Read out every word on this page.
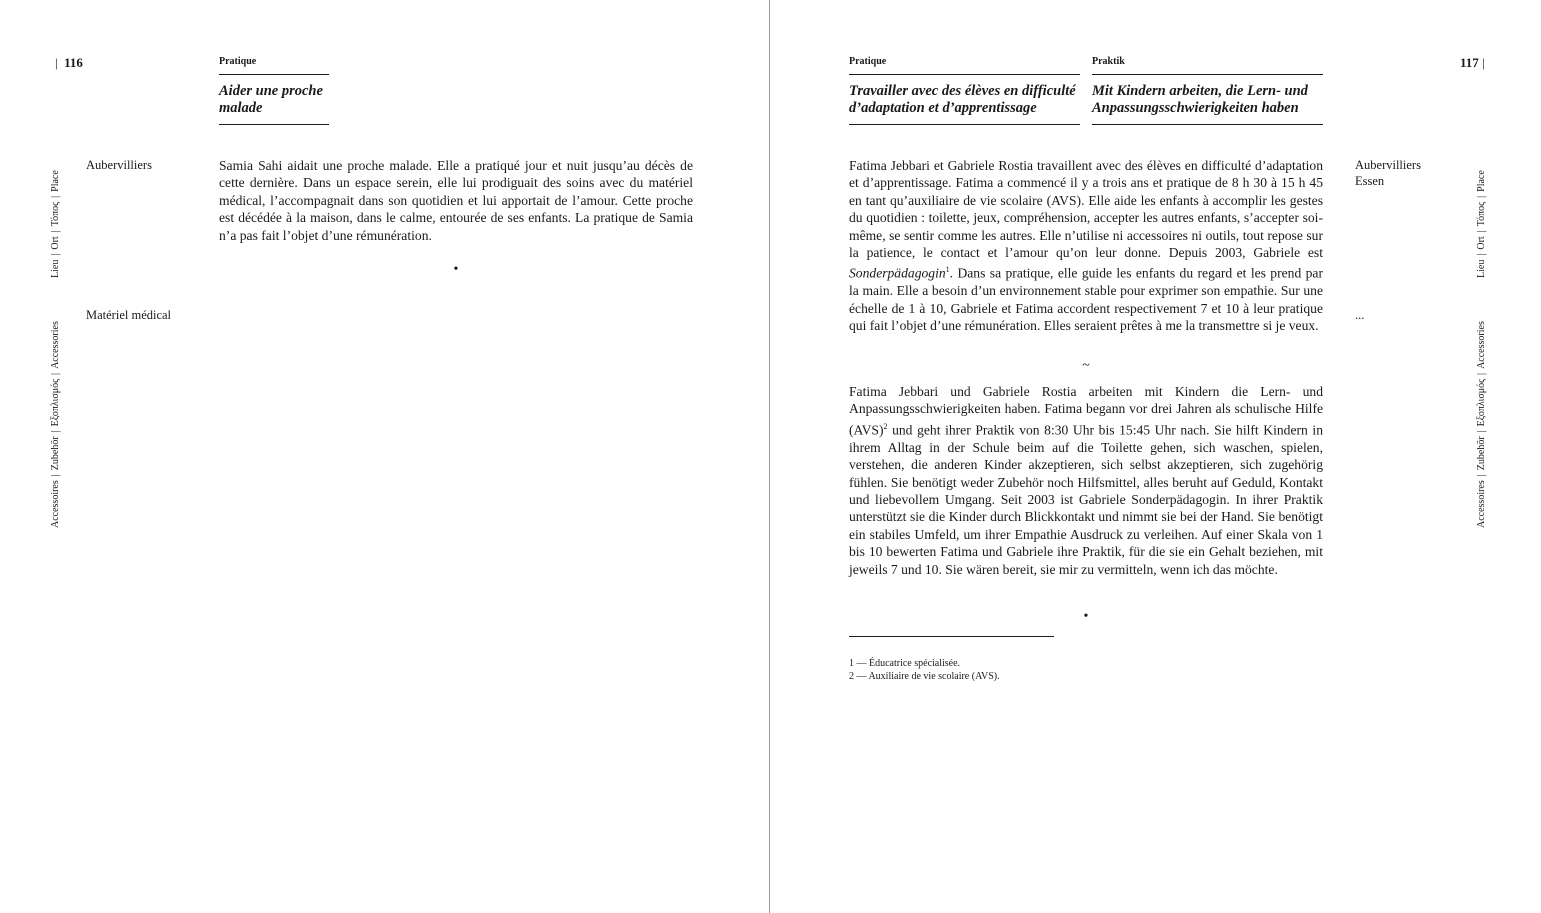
| 116	Pratique
Aider une proche malade
Lieu|Ort|Τόπος|Place
Accessoires|Zubehör|Εξοπλισμός|Accessories
Aubervilliers
Matériel médical

Samia Sahi aidait une proche malade. Elle a pratiqué jour et nuit jusqu’au décès de cette dernière. Dans un espace serein, elle lui prodiguait des soins avec du matériel médical, l’accompagnait dans son quotidien et lui apportait de l’amour. Cette proche est décédée à la maison, dans le calme, entourée de ses enfants. La pratique de Samia n’a pas fait l’objet d’une rémunération.

•
117 |
Pratique	Praktik
Travailler avec des élèves en difficulté d’adaptation et d’apprentissage
Mit Kindern arbeiten, die Lern- und Anpassungsschwierigkeiten haben

Fatima Jebbari et Gabriele Rostia travaillent avec des élèves en difficulté d’adaptation et d’apprentissage. Fatima a commencé il y a trois ans et pratique de 8 h 30 à 15 h 45 en tant qu’auxiliaire de vie scolaire (AVS). Elle aide les enfants à accomplir les gestes du quotidien : toilette, jeux, compréhension, accepter les autres enfants, s’accepter soi-même, se sentir comme les autres. Elle n’utilise ni accessoires ni outils, tout repose sur la patience, le contact et l’amour qu’on leur donne. Depuis 2003, Gabriele est Sonderpädagogin$^1$. Dans sa pratique, elle guide les enfants du regard et les prend par la main. Elle a besoin d’un environnement stable pour exprimer son empathie. Sur une échelle de 1 à 10, Gabriele et Fatima accordent respectivement 7 et 10 à leur pratique qui fait l’objet d’une rémunération. Elles seraient prêtes à me la transmettre si je veux.

~

Fatima Jebbari und Gabriele Rostia arbeiten mit Kindern die Lern- und Anpassungsschwierigkeiten haben. Fatima begann vor drei Jahren als schulische Hilfe (AVS)$^2$ und geht ihrer Praktik von 8:30 Uhr bis 15:45 Uhr nach. Sie hilft Kindern in ihrem Alltag in der Schule beim auf die Toilette gehen, sich waschen, spielen, verstehen, die anderen Kinder akzeptieren, sich selbst akzeptieren, sich zugehörig fühlen. Sie benötigt weder Zubehör noch Hilfsmittel, alles beruht auf Geduld, Kontakt und liebevollem Umgang. Seit 2003 ist Gabriele Sonderpädagogin. In ihrer Praktik unterstützt sie die Kinder durch Blickkontakt und nimmt sie bei der Hand. Sie benötigt ein stabiles Umfeld, um ihrer Empathie Ausdruck zu verleihen. Auf einer Skala von 1 bis 10 bewerten Fatima und Gabriele ihre Praktik, für die sie ein Gehalt beziehen, mit jeweils 7 und 10. Sie wären bereit, sie mir zu vermitteln, wenn ich das möchte.

•
1 — Éducatrice spécialisée.
2 — Auxiliaire de vie scolaire (AVS).
Aubervilliers
Essen
...
Lieu|Ort|Τόπος|Place
Accessoires|Zubehör|Εξοπλισμός|Accessories
